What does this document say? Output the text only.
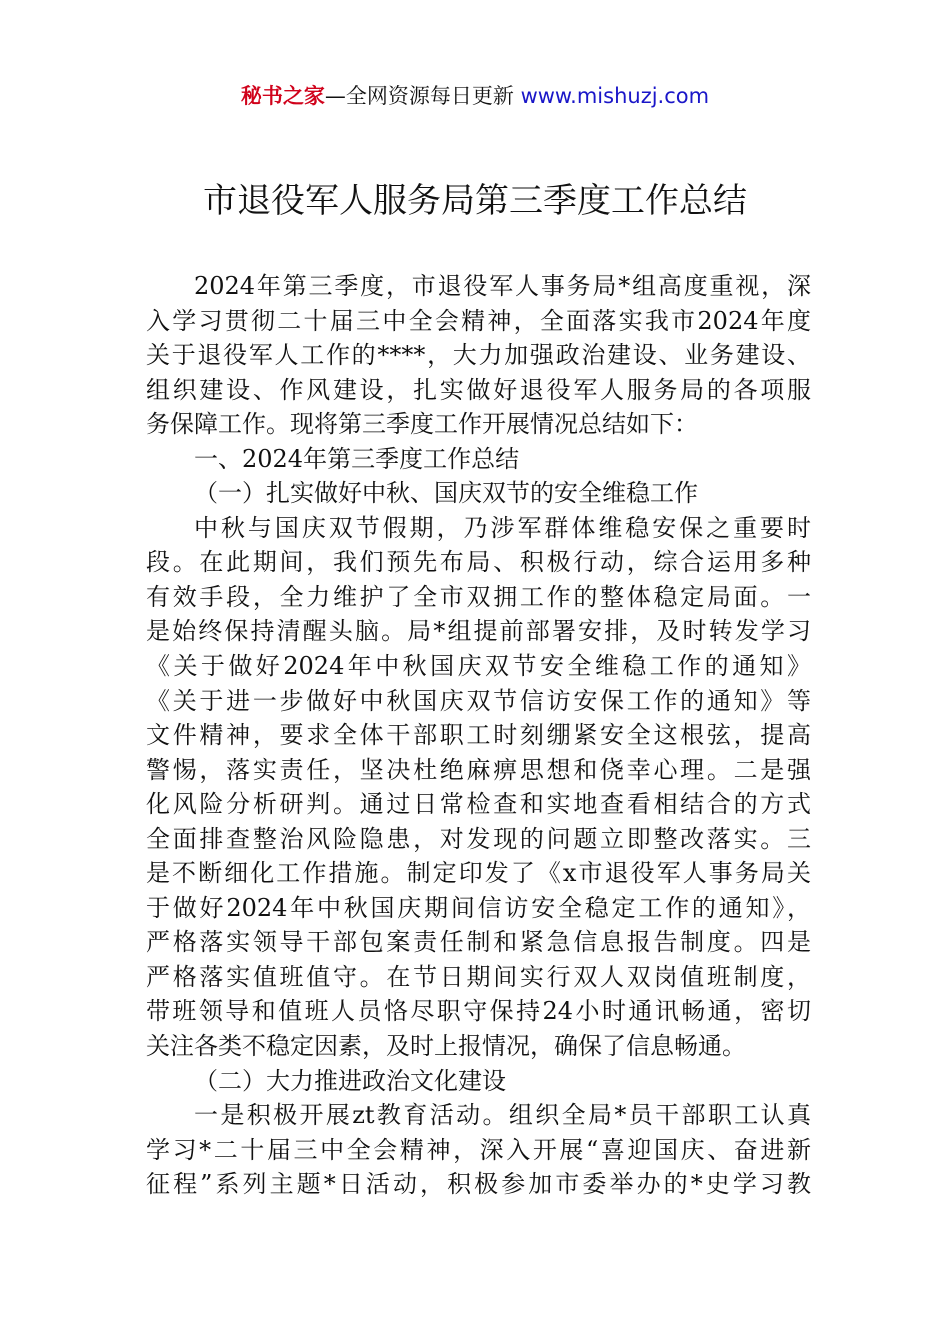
秘书之家—全网资源每日更新 www.mishuzj.com
市退役军人服务局第三季度工作总结
2024年第三季度，市退役军人事务局*组高度重视，深
入学习贯彻二十届三中全会精神，全面落实我市2024年度
关于退役军人工作的****，大力加强政治建设、业务建设、
组织建设、作风建设，扎实做好退役军人服务局的各项服
务保障工作。现将第三季度工作开展情况总结如下：
一、2024年第三季度工作总结
（一）扎实做好中秋、国庆双节的安全维稳工作
中秋与国庆双节假期，乃涉军群体维稳安保之重要时
段。在此期间，我们预先布局、积极行动，综合运用多种
有效手段，全力维护了全市双拥工作的整体稳定局面。一
是始终保持清醒头脑。局*组提前部署安排，及时转发学习
《关于做好2024年中秋国庆双节安全维稳工作的通知》
《关于进一步做好中秋国庆双节信访安保工作的通知》等
文件精神，要求全体干部职工时刻绷紧安全这根弦，提高
警惕，落实责任，坚决杜绝麻痹思想和侥幸心理。二是强
化风险分析研判。通过日常检查和实地查看相结合的方式
全面排查整治风险隐患，对发现的问题立即整改落实。三
是不断细化工作措施。制定印发了《x市退役军人事务局关
于做好2024年中秋国庆期间信访安全稳定工作的通知》，
严格落实领导干部包案责任制和紧急信息报告制度。四是
严格落实值班值守。在节日期间实行双人双岗值班制度，
带班领导和值班人员恪尽职守保持24小时通讯畅通，密切
关注各类不稳定因素，及时上报情况，确保了信息畅通。
（二）大力推进政治文化建设
一是积极开展zt教育活动。组织全局*员干部职工认真
学习*二十届三中全会精神，深入开展“喜迎国庆、奋进新
征程”系列主题*日活动，积极参加市委举办的*史学习教
